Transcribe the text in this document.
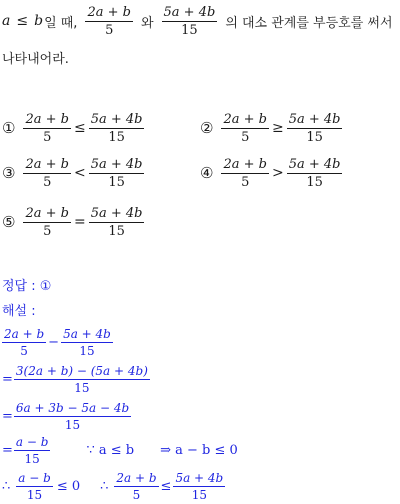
a ≤ b 일 때, $\frac{2a + b}{5}$ 와 $\frac{5a + 4b}{15}$ 의 대소 관계를 부등호를 써서
나타내어라.
① $\frac{2a + b}{5} \le \frac{5a + 4b}{15}$	② $\frac{2a + b}{5} \ge \frac{5a + 4b}{15}$
③ $\frac{2a + b}{5} < \frac{5a + 4b}{15}$	④ $\frac{2a + b}{5} > \frac{5a + 4b}{15}$
⑤ $\frac{2a + b}{5} = \frac{5a + 4b}{15}$
정답 : ①
해설 :
$\frac{2a + b}{5} - \frac{5a + 4b}{15}$
= $\frac{3(2a + b) - (5a + 4b)}{15}$
= $\frac{6a + 3b - 5a - 4b}{15}$
= $\frac{a - b}{15}$	∵ a ≤ b ⇒ a − b ≤ 0
∴ $\frac{a - b}{15} \le 0$ ∴ $\frac{2a + b}{5} \le \frac{5a + 4b}{15}$
